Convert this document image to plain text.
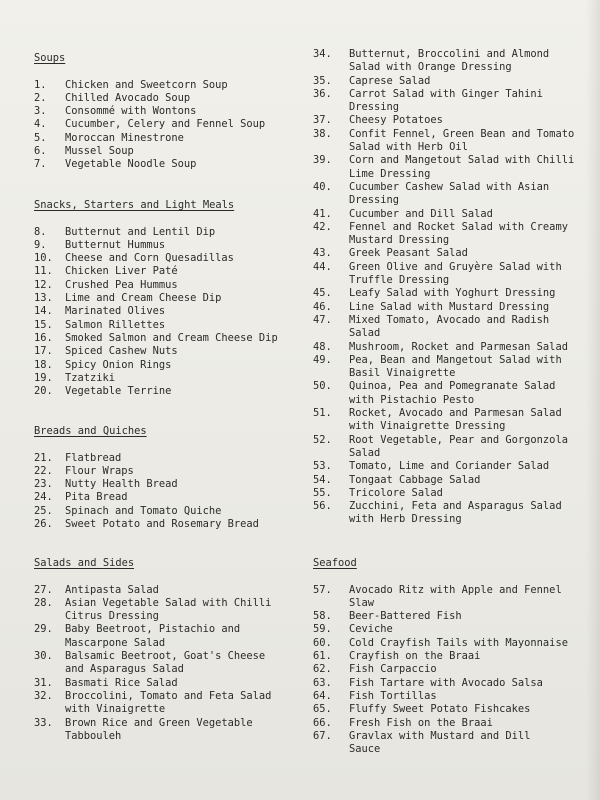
Soups
1.	Chicken and Sweetcorn Soup
2.	Chilled Avocado Soup
3.	Consommé with Wontons
4.	Cucumber, Celery and Fennel Soup
5.	Moroccan Minestrone
6.	Mussel Soup
7.	Vegetable Noodle Soup
Snacks, Starters and Light Meals
8.	Butternut and Lentil Dip
9.	Butternut Hummus
10.	Cheese and Corn Quesadillas
11.	Chicken Liver Paté
12.	Crushed Pea Hummus
13.	Lime and Cream Cheese Dip
14.	Marinated Olives
15.	Salmon Rillettes
16.	Smoked Salmon and Cream Cheese Dip
17.	Spiced Cashew Nuts
18.	Spicy Onion Rings
19.	Tzatziki
20.	Vegetable Terrine
Breads and Quiches
21.	Flatbread
22.	Flour Wraps
23.	Nutty Health Bread
24.	Pita Bread
25.	Spinach and Tomato Quiche
26.	Sweet Potato and Rosemary Bread
Salads and Sides
27.	Antipasta Salad
28.	Asian Vegetable Salad with Chilli
Citrus Dressing
29.	Baby Beetroot, Pistachio and
Mascarpone Salad
30.	Balsamic Beetroot, Goat's Cheese
and Asparagus Salad
31.	Basmati Rice Salad
32.	Broccolini, Tomato and Feta Salad
with Vinaigrette
33.	Brown Rice and Green Vegetable
Tabbouleh
34.	Butternut, Broccolini and Almond
Salad with Orange Dressing
35.	Caprese Salad
36.	Carrot Salad with Ginger Tahini
Dressing
37.	Cheesy Potatoes
38.	Confit Fennel, Green Bean and Tomato
Salad with Herb Oil
39.	Corn and Mangetout Salad with Chilli
Lime Dressing
40.	Cucumber Cashew Salad with Asian
Dressing
41.	Cucumber and Dill Salad
42.	Fennel and Rocket Salad with Creamy
Mustard Dressing
43.	Greek Peasant Salad
44.	Green Olive and Gruyère Salad with
Truffle Dressing
45.	Leafy Salad with Yoghurt Dressing
46.	Line Salad with Mustard Dressing
47.	Mixed Tomato, Avocado and Radish
Salad
48.	Mushroom, Rocket and Parmesan Salad
49.	Pea, Bean and Mangetout Salad with
Basil Vinaigrette
50.	Quinoa, Pea and Pomegranate Salad
with Pistachio Pesto
51.	Rocket, Avocado and Parmesan Salad
with Vinaigrette Dressing
52.	Root Vegetable, Pear and Gorgonzola
Salad
53.	Tomato, Lime and Coriander Salad
54.	Tongaat Cabbage Salad
55.	Tricolore Salad
56.	Zucchini, Feta and Asparagus Salad
with Herb Dressing
Seafood
57.	Avocado Ritz with Apple and Fennel
Slaw
58.	Beer-Battered Fish
59.	Ceviche
60.	Cold Crayfish Tails with Mayonnaise
61.	Crayfish on the Braai
62.	Fish Carpaccio
63.	Fish Tartare with Avocado Salsa
64.	Fish Tortillas
65.	Fluffy Sweet Potato Fishcakes
66.	Fresh Fish on the Braai
67.	Gravlax with Mustard and Dill
Sauce
